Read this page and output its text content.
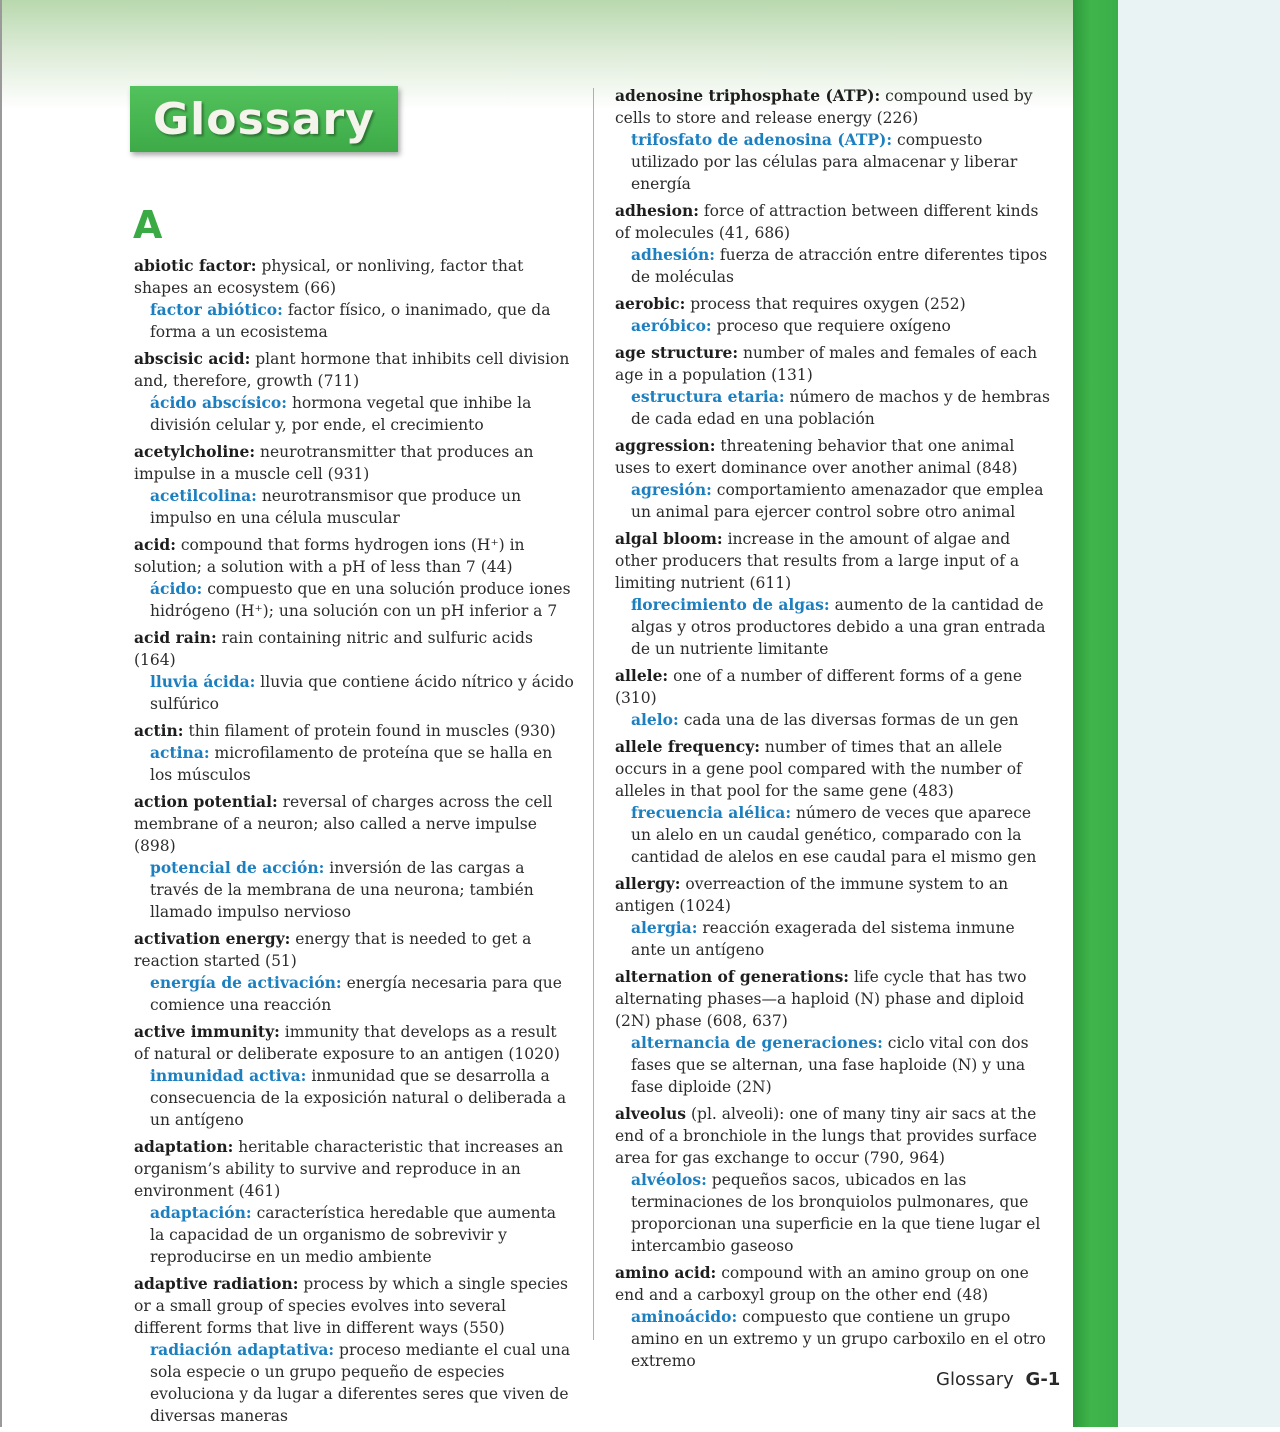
Glossary
A

abiotic factor: physical, or nonliving, factor that shapes an ecosystem (66)

factor abiótico: factor físico, o inanimado, que da forma a un ecosistema

abscisic acid: plant hormone that inhibits cell division and, therefore, growth (711)

ácido abscísico: hormona vegetal que inhibe la división celular y, por ende, el crecimiento

acetylcholine: neurotransmitter that produces an impulse in a muscle cell (931)

acetilcolina: neurotransmisor que produce un impulso en una célula muscular

acid: compound that forms hydrogen ions (H⁺) in solution; a solution with a pH of less than 7 (44)

ácido: compuesto que en una solución produce iones hidrógeno (H⁺); una solución con un pH inferior a 7

acid rain: rain containing nitric and sulfuric acids (164)

lluvia ácida: lluvia que contiene ácido nítrico y ácido sulfúrico

actin: thin filament of protein found in muscles (930)

actina: microfilamento de proteína que se halla en los músculos

action potential: reversal of charges across the cell membrane of a neuron; also called a nerve impulse (898)

potencial de acción: inversión de las cargas a través de la membrana de una neurona; también llamado impulso nervioso

activation energy: energy that is needed to get a reaction started (51)

energía de activación: energía necesaria para que comience una reacción

active immunity: immunity that develops as a result of natural or deliberate exposure to an antigen (1020)

inmunidad activa: inmunidad que se desarrolla a consecuencia de la exposición natural o deliberada a un antígeno

adaptation: heritable characteristic that increases an organism’s ability to survive and reproduce in an environment (461)

adaptación: característica heredable que aumenta la capacidad de un organismo de sobrevivir y reproducirse en un medio ambiente

adaptive radiation: process by which a single species or a small group of species evolves into several different forms that live in different ways (550)

radiación adaptativa: proceso mediante el cual una sola especie o un grupo pequeño de especies evoluciona y da lugar a diferentes seres que viven de diversas maneras

adenosine triphosphate (ATP): compound used by cells to store and release energy (226)

trifosfato de adenosina (ATP): compuesto utilizado por las células para almacenar y liberar energía

adhesion: force of attraction between different kinds of molecules (41, 686)

adhesión: fuerza de atracción entre diferentes tipos de moléculas

aerobic: process that requires oxygen (252)

aeróbico: proceso que requiere oxígeno

age structure: number of males and females of each age in a population (131)

estructura etaria: número de machos y de hembras de cada edad en una población

aggression: threatening behavior that one animal uses to exert dominance over another animal (848)

agresión: comportamiento amenazador que emplea un animal para ejercer control sobre otro animal

algal bloom: increase in the amount of algae and other producers that results from a large input of a limiting nutrient (611)

florecimiento de algas: aumento de la cantidad de algas y otros productores debido a una gran entrada de un nutriente limitante

allele: one of a number of different forms of a gene (310)

alelo: cada una de las diversas formas de un gen

allele frequency: number of times that an allele occurs in a gene pool compared with the number of alleles in that pool for the same gene (483)

frecuencia alélica: número de veces que aparece un alelo en un caudal genético, comparado con la cantidad de alelos en ese caudal para el mismo gen

allergy: overreaction of the immune system to an antigen (1024)

alergia: reacción exagerada del sistema inmune ante un antígeno

alternation of generations: life cycle that has two alternating phases—a haploid (N) phase and diploid (2N) phase (608, 637)

alternancia de generaciones: ciclo vital con dos fases que se alternan, una fase haploide (N) y una fase diploide (2N)

alveolus (pl. alveoli): one of many tiny air sacs at the end of a bronchiole in the lungs that provides surface area for gas exchange to occur (790, 964)

alvéolos: pequeños sacos, ubicados en las terminaciones de los bronquiolos pulmonares, que proporcionan una superficie en la que tiene lugar el intercambio gaseoso

amino acid: compound with an amino group on one end and a carboxyl group on the other end (48)

aminoácido: compuesto que contiene un grupo amino en un extremo y un grupo carboxilo en el otro extremo

Glossary G-1
